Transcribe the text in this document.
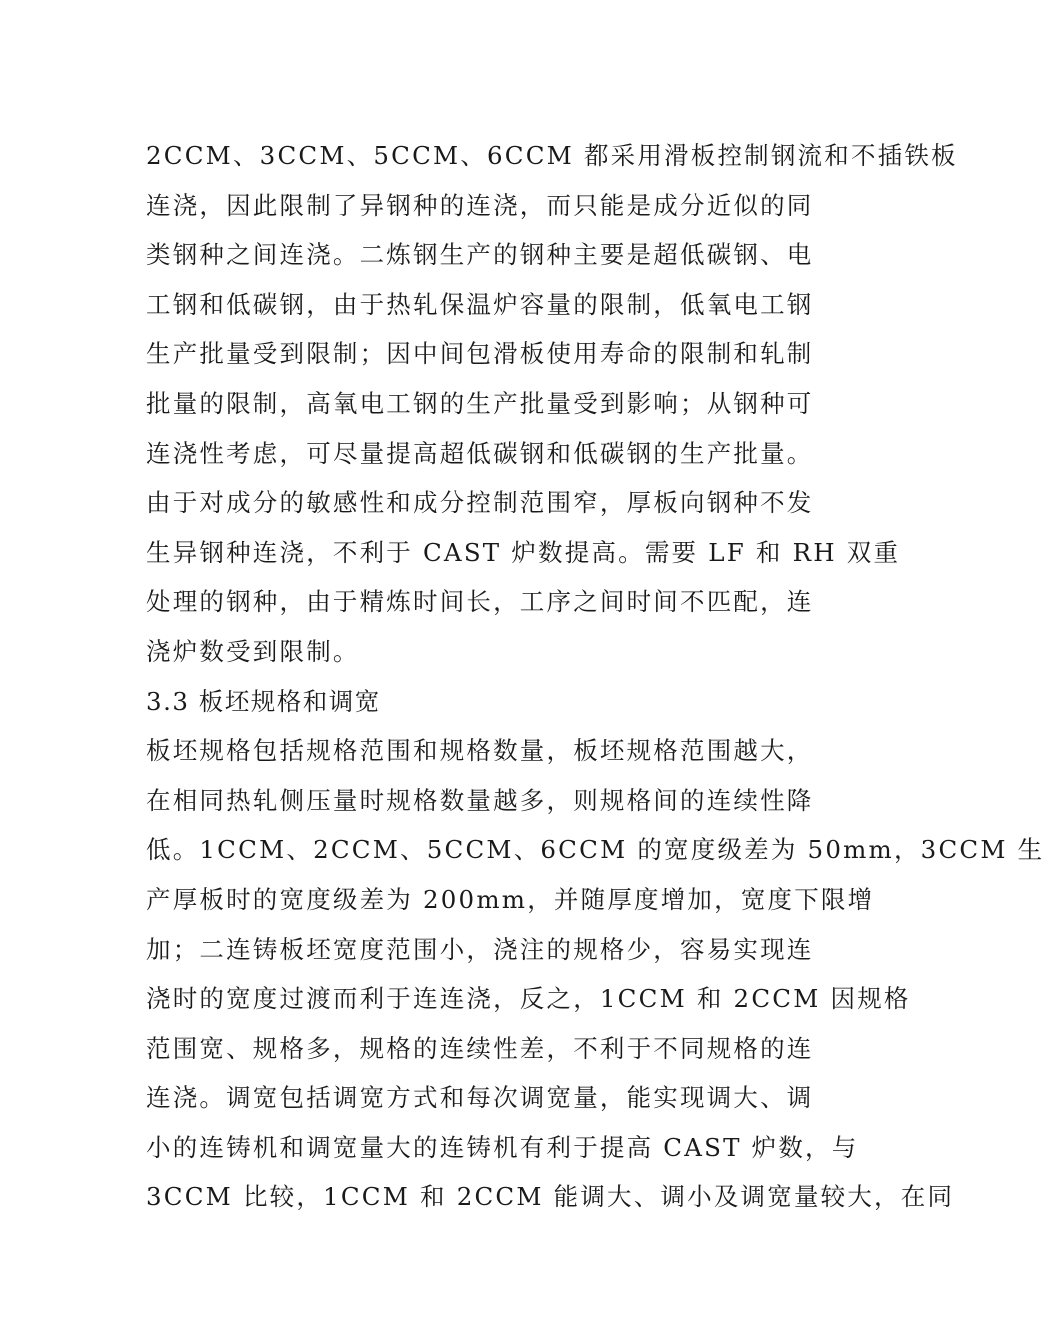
2CCM、3CCM、5CCM、6CCM 都采用滑板控制钢流和不插铁板
连浇，因此限制了异钢种的连浇，而只能是成分近似的同
类钢种之间连浇。二炼钢生产的钢种主要是超低碳钢、电
工钢和低碳钢，由于热轧保温炉容量的限制，低氧电工钢
生产批量受到限制；因中间包滑板使用寿命的限制和轧制
批量的限制，高氧电工钢的生产批量受到影响；从钢种可
连浇性考虑，可尽量提高超低碳钢和低碳钢的生产批量。
由于对成分的敏感性和成分控制范围窄，厚板向钢种不发
生异钢种连浇，不利于 CAST 炉数提高。需要 LF 和 RH 双重
处理的钢种，由于精炼时间长，工序之间时间不匹配，连
浇炉数受到限制。
3.3 板坯规格和调宽
板坯规格包括规格范围和规格数量，板坯规格范围越大，
在相同热轧侧压量时规格数量越多，则规格间的连续性降
低。1CCM、2CCM、5CCM、6CCM 的宽度级差为 50mm，3CCM 生
产厚板时的宽度级差为 200mm，并随厚度增加，宽度下限增
加；二连铸板坯宽度范围小，浇注的规格少，容易实现连
浇时的宽度过渡而利于连连浇，反之，1CCM 和 2CCM 因规格
范围宽、规格多，规格的连续性差，不利于不同规格的连
连浇。调宽包括调宽方式和每次调宽量，能实现调大、调
小的连铸机和调宽量大的连铸机有利于提高 CAST 炉数，与
3CCM 比较，1CCM 和 2CCM 能调大、调小及调宽量较大，在同
